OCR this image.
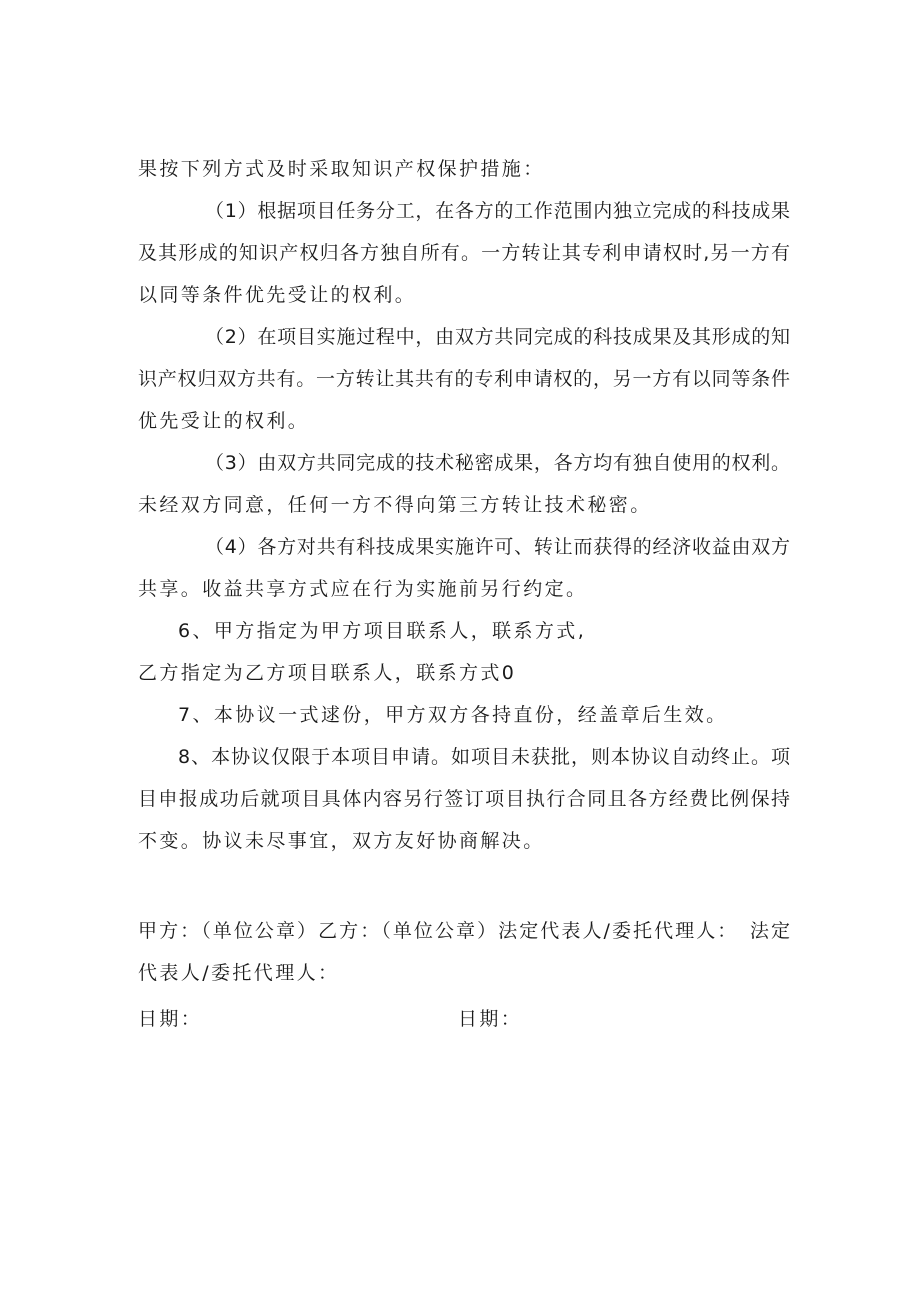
果按下列方式及时采取知识产权保护措施：
（1）根据项目任务分工，在各方的工作范围内独立完成的科技成果
及其形成的知识产权归各方独自所有。一方转让其专利申请权时,另一方有
以同等条件优先受让的权利。
（2）在项目实施过程中，由双方共同完成的科技成果及其形成的知
识产权归双方共有。一方转让其共有的专利申请权的，另一方有以同等条件
优先受让的权利。
（3）由双方共同完成的技术秘密成果，各方均有独自使用的权利。
未经双方同意，任何一方不得向第三方转让技术秘密。
（4）各方对共有科技成果实施许可、转让而获得的经济收益由双方
共享。收益共享方式应在行为实施前另行约定。
6、甲方指定为甲方项目联系人，联系方式,
乙方指定为乙方项目联系人，联系方式0
7、本协议一式逑份，甲方双方各持直份，经盖章后生效。
8、本协议仅限于本项目申请。如项目未获批，则本协议自动终止。项
目申报成功后就项目具体内容另行签订项目执行合同且各方经费比例保持
不变。协议未尽事宜，双方友好协商解决。
甲方：（单位公章）乙方：（单位公章）法定代表人/委托代理人：　法定
代表人/委托代理人：
日期：	日期：
